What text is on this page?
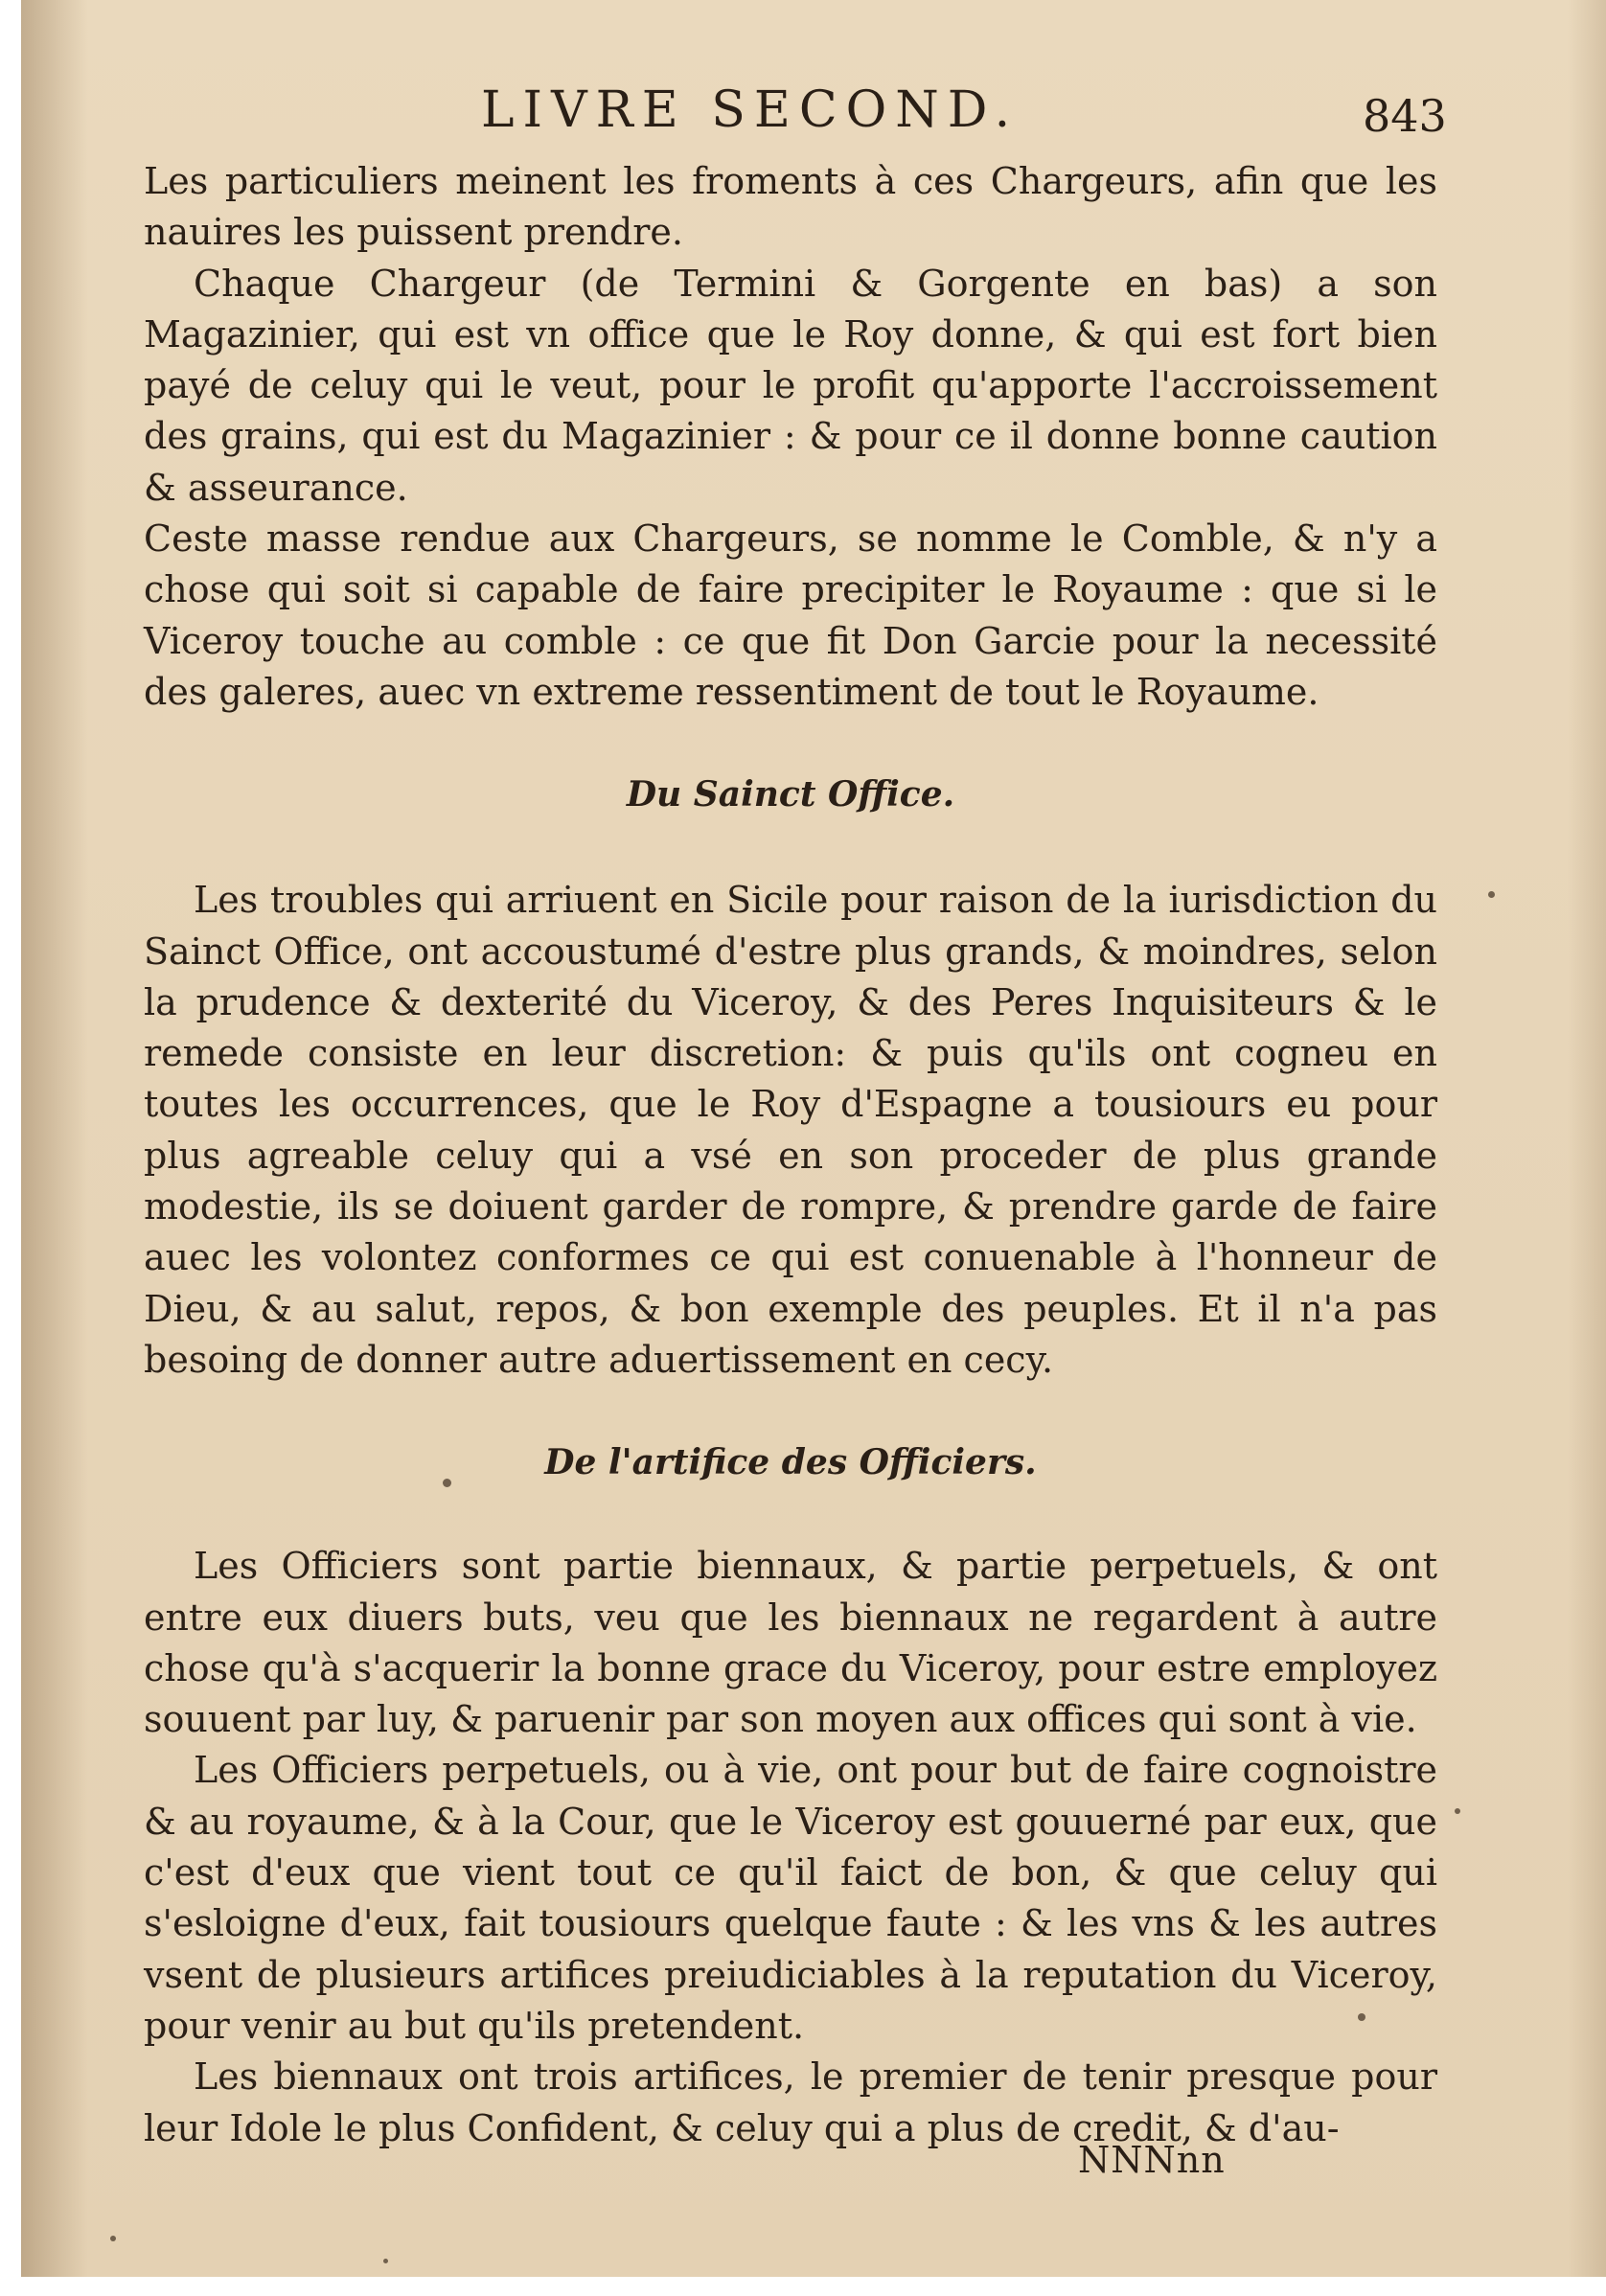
LIVRE SECOND.	843

Les particuliers meinent les froments à ces Chargeurs, afin que les nauires les puissent prendre.

Chaque Chargeur (de Termini & Gorgente en bas) a son Magazinier, qui est vn office que le Roy donne, & qui est fort bien payé de celuy qui le veut, pour le profit qu'apporte l'accroissement des grains, qui est du Magazinier : & pour ce il donne bonne caution & asseurance.

Ceste masse rendue aux Chargeurs, se nomme le Comble, & n'y a chose qui soit si capable de faire precipiter le Royaume : que si le Viceroy touche au comble : ce que fit Don Garcie pour la necessité des galeres, auec vn extreme ressentiment de tout le Royaume.

Du Sainct Office.

Les troubles qui arriuent en Sicile pour raison de la iurisdiction du Sainct Office, ont accoustumé d'estre plus grands, & moindres, selon la prudence & dexterité du Viceroy, & des Peres Inquisiteurs & le remede consiste en leur discretion: & puis qu'ils ont cogneu en toutes les occurrences, que le Roy d'Espagne a tousiours eu pour plus agreable celuy qui a vsé en son proceder de plus grande modestie, ils se doiuent garder de rompre, & prendre garde de faire auec les volontez conformes ce qui est conuenable à l'honneur de Dieu, & au salut, repos, & bon exemple des peuples. Et il n'a pas besoing de donner autre aduertissement en cecy.

De l'artifice des Officiers.

Les Officiers sont partie biennaux, & partie perpetuels, & ont entre eux diuers buts, veu que les biennaux ne regardent à autre chose qu'à s'acquerir la bonne grace du Viceroy, pour estre employez souuent par luy, & paruenir par son moyen aux offices qui sont à vie.

Les Officiers perpetuels, ou à vie, ont pour but de faire cognoistre & au royaume, & à la Cour, que le Viceroy est gouuerné par eux, que c'est d'eux que vient tout ce qu'il faict de bon, & que celuy qui s'esloigne d'eux, fait tousiours quelque faute : & les vns & les autres vsent de plusieurs artifices preiudiciables à la reputation du Viceroy, pour venir au but qu'ils pretendent.

Les biennaux ont trois artifices, le premier de tenir presque pour leur Idole le plus Confident, & celuy qui a plus de credit, & d'au-

NNNnn
